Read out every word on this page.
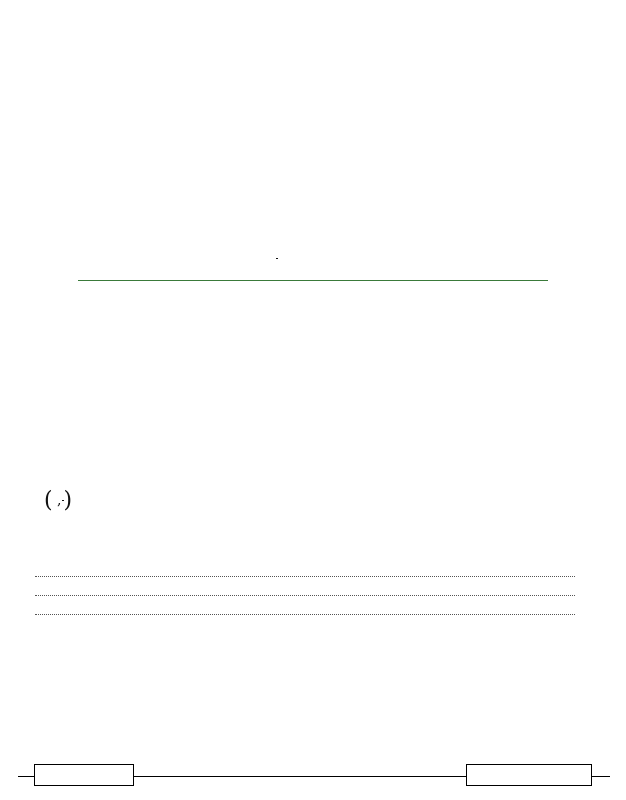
( ,
)
